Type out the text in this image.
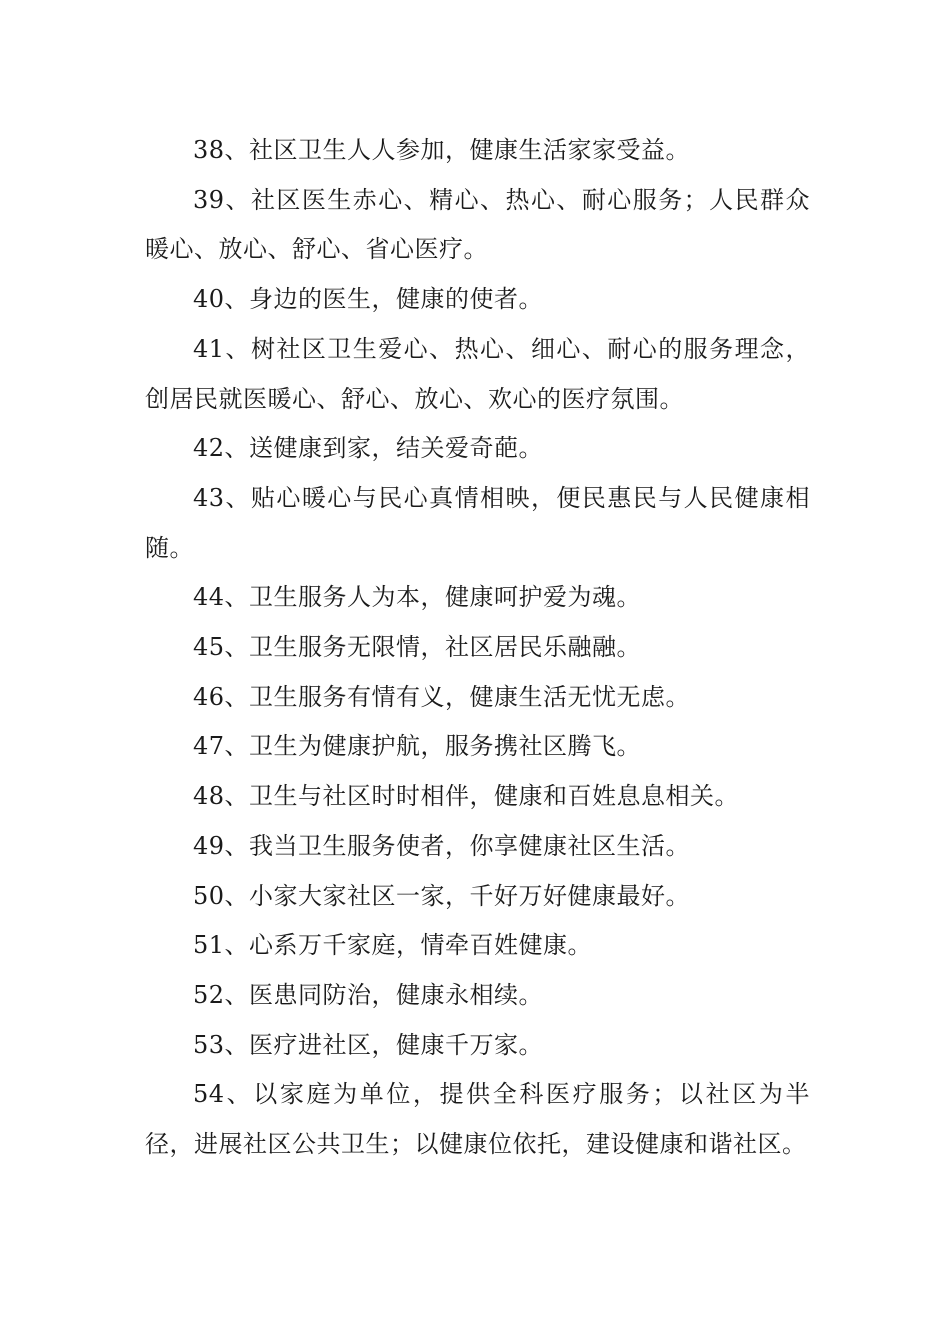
38、社区卫生人人参加，健康生活家家受益。

39、社区医生赤心、精心、热心、耐心服务；人民群众暖心、放心、舒心、省心医疗。

40、身边的医生，健康的使者。

41、树社区卫生爱心、热心、细心、耐心的服务理念，创居民就医暖心、舒心、放心、欢心的医疗氛围。

42、送健康到家，结关爱奇葩。

43、贴心暖心与民心真情相映，便民惠民与人民健康相随。

44、卫生服务人为本，健康呵护爱为魂。

45、卫生服务无限情，社区居民乐融融。

46、卫生服务有情有义，健康生活无忧无虑。

47、卫生为健康护航，服务携社区腾飞。

48、卫生与社区时时相伴，健康和百姓息息相关。

49、我当卫生服务使者，你享健康社区生活。

50、小家大家社区一家，千好万好健康最好。

51、心系万千家庭，情牵百姓健康。

52、医患同防治，健康永相续。

53、医疗进社区，健康千万家。

54、以家庭为单位，提供全科医疗服务；以社区为半径，进展社区公共卫生；以健康位依托，建设健康和谐社区。
